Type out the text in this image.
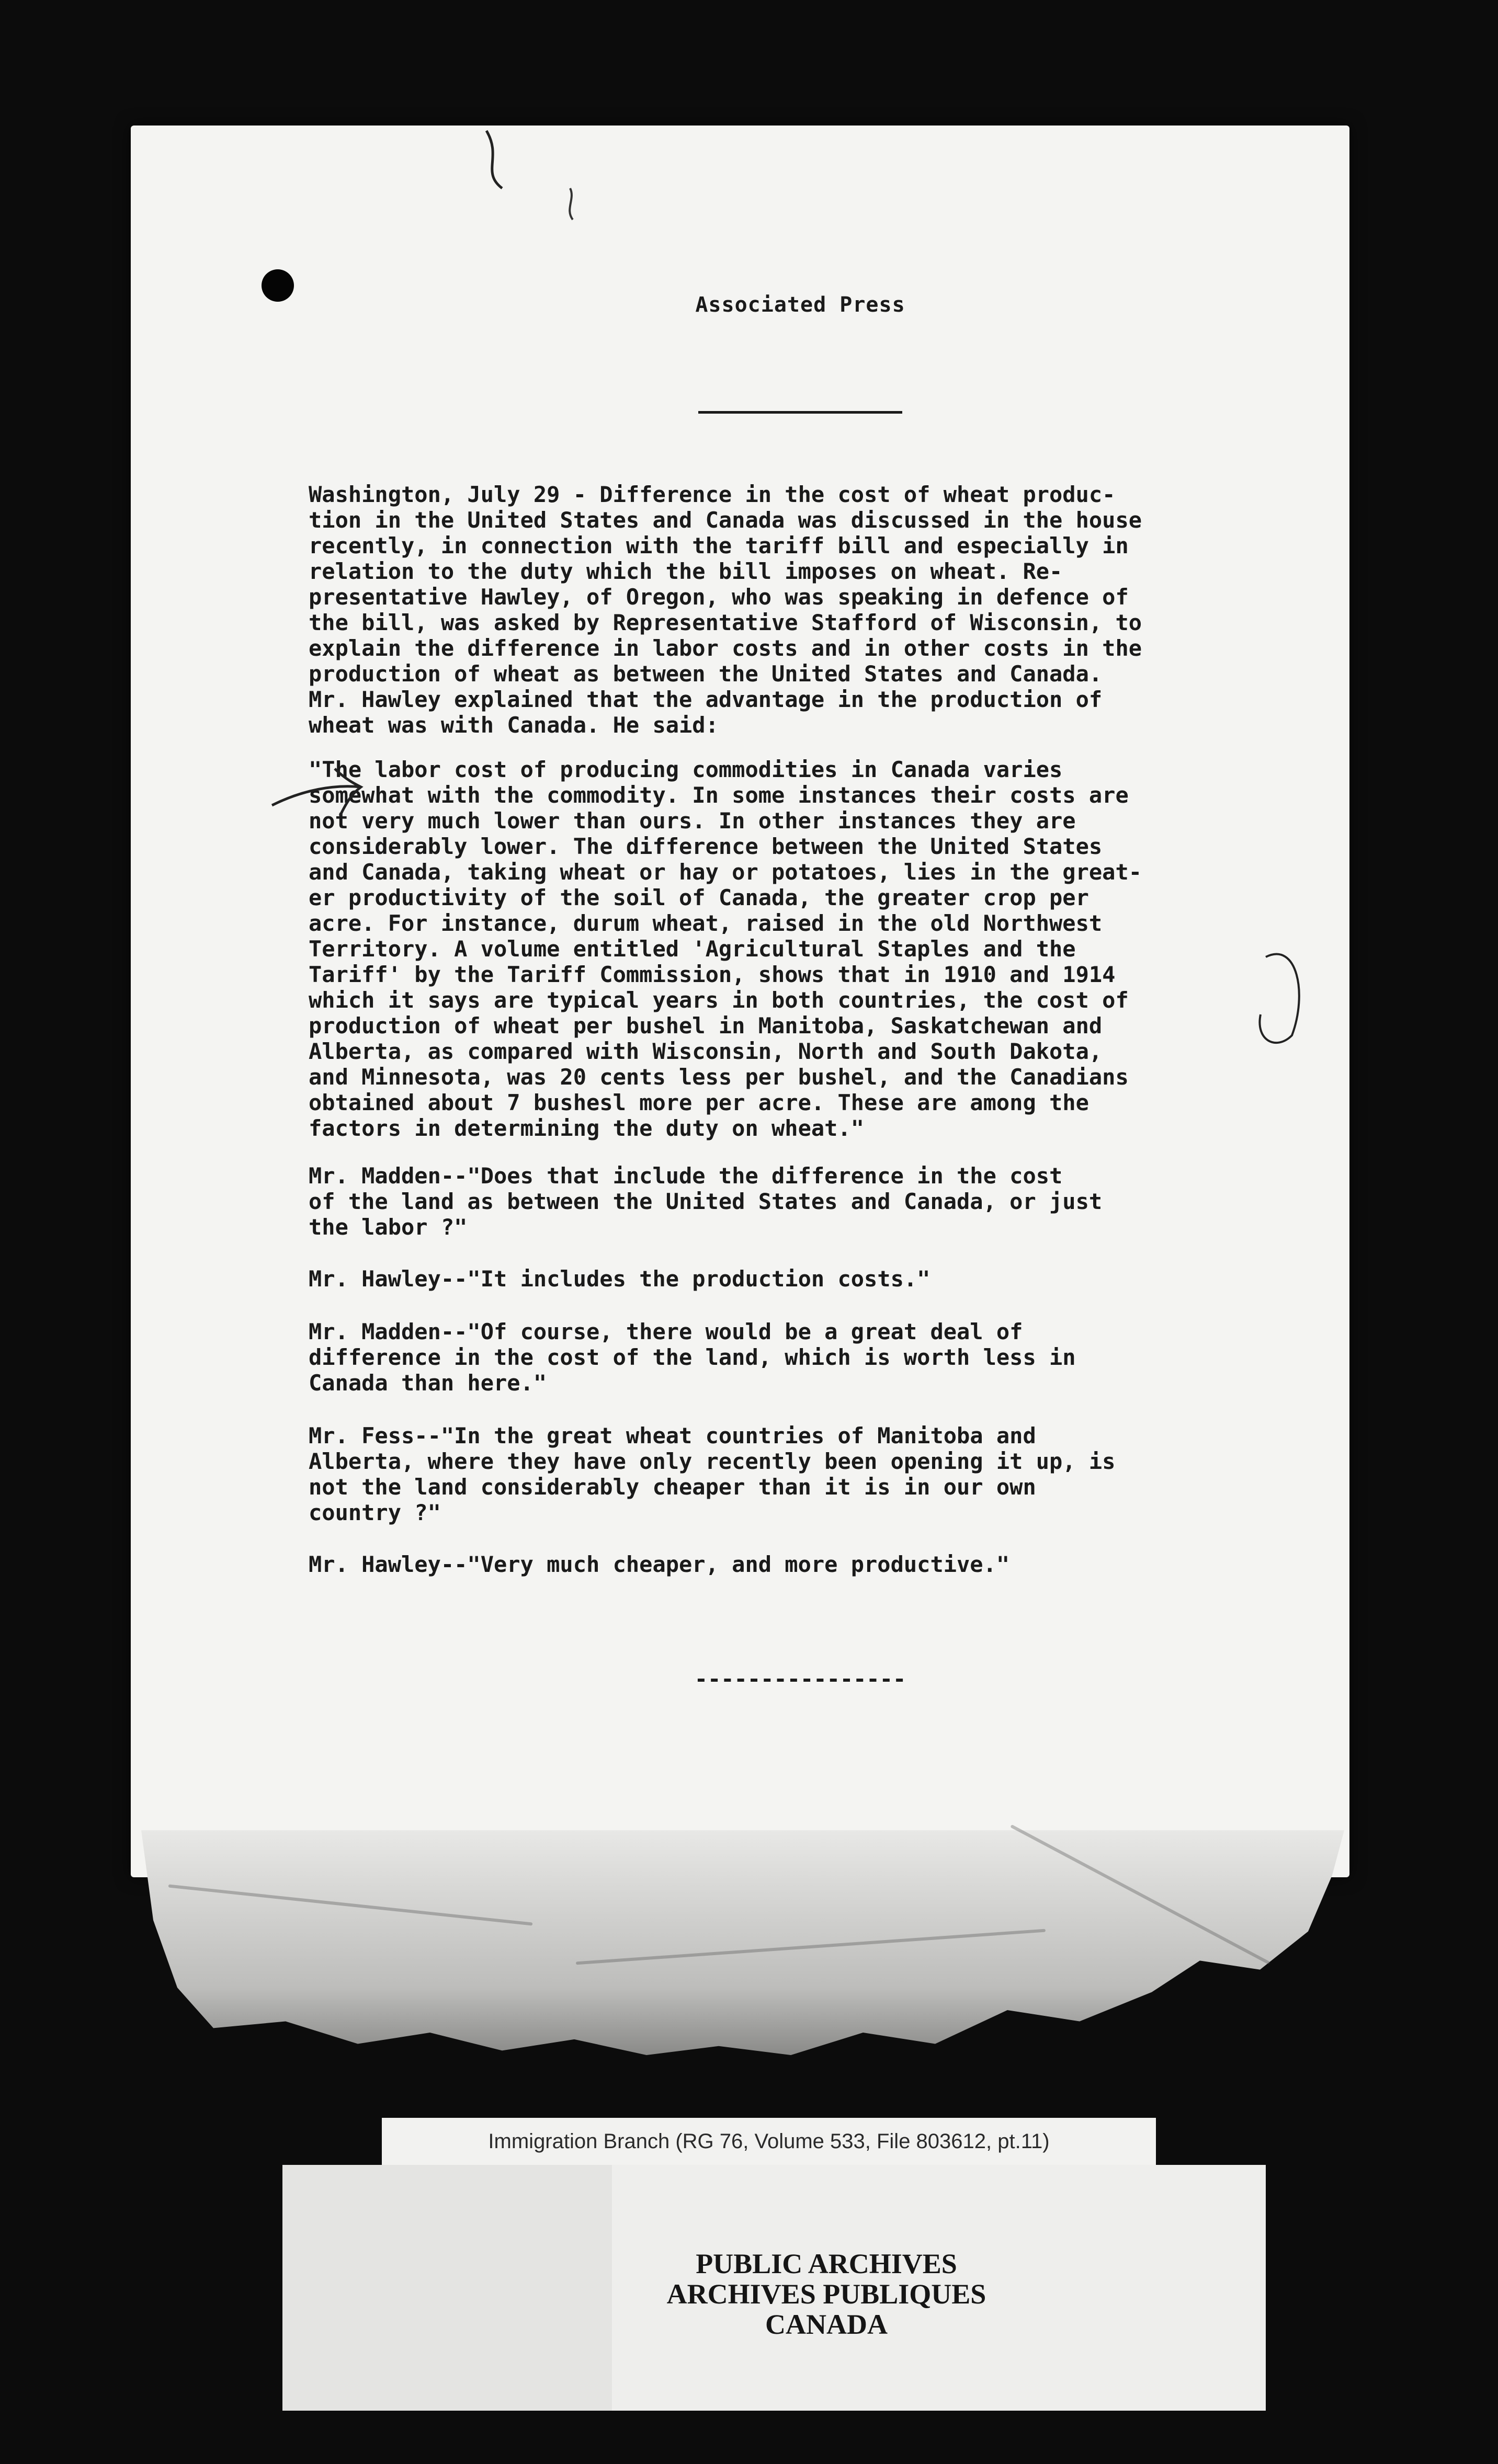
Associated Press

Washington, July 29 - Difference in the cost of wheat produc-
tion in the United States and Canada was discussed in the house
recently, in connection with the tariff bill and especially in
relation to the duty which the bill imposes on wheat. Re-
presentative Hawley, of Oregon, who was speaking in defence of
the bill, was asked by Representative Stafford of Wisconsin, to
explain the difference in labor costs and in other costs in the
production of wheat as between the United States and Canada.
Mr. Hawley explained that the advantage in the production of
wheat was with Canada. He said:

"The labor cost of producing commodities in Canada varies
somewhat with the commodity. In some instances their costs are
not very much lower than ours. In other instances they are
considerably lower. The difference between the United States
and Canada, taking wheat or hay or potatoes, lies in the great-
er productivity of the soil of Canada, the greater crop per
acre. For instance, durum wheat, raised in the old Northwest
Territory. A volume entitled 'Agricultural Staples and the
Tariff' by the Tariff Commission, shows that in 1910 and 1914
which it says are typical years in both countries, the cost of
production of wheat per bushel in Manitoba, Saskatchewan and
Alberta, as compared with Wisconsin, North and South Dakota,
and Minnesota, was 20 cents less per bushel, and the Canadians
obtained about 7 bushesl more per acre. These are among the
factors in determining the duty on wheat."

Mr. Madden--"Does that include the difference in the cost
of the land as between the United States and Canada, or just
the labor ?"

Mr. Hawley--"It includes the production costs."

Mr. Madden--"Of course, there would be a great deal of
difference in the cost of the land, which is worth less in
Canada than here."

Mr. Fess--"In the great wheat countries of Manitoba and
Alberta, where they have only recently been opening it up, is
not the land considerably cheaper than it is in our own
country ?"

Mr. Hawley--"Very much cheaper, and more productive."

----------------
PUBLIC ARCHIVES
ARCHIVES PUBLIQUES
CANADA
Immigration Branch (RG 76, Volume 533, File 803612, pt.11)
